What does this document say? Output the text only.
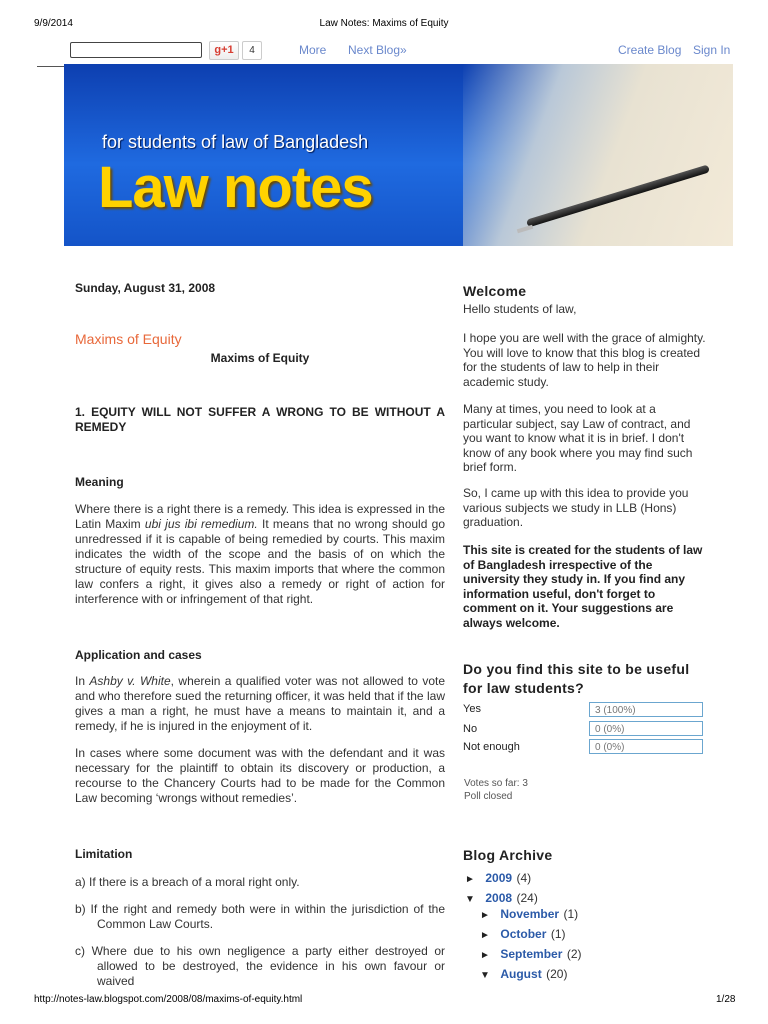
9/9/2014	Law Notes: Maxims of Equity
g+1	4	More Next Blog»	Create Blog Sign In
for students of law of Bangladesh
Law notes
Sunday, August 31, 2008
Maxims of Equity
Maxims of Equity
1. EQUITY WILL NOT SUFFER A WRONG TO BE WITHOUT A REMEDY
Meaning
Where there is a right there is a remedy. This idea is expressed in the Latin Maxim ubi jus ibi remedium. It means that no wrong should go unredressed if it is capable of being remedied by courts. This maxim indicates the width of the scope and the basis of on which the structure of equity rests. This maxim imports that where the common law confers a right, it gives also a remedy or right of action for interference with or infringement of that right.
Application and cases
In Ashby v. White, wherein a qualified voter was not allowed to vote and who therefore sued the returning officer, it was held that if the law gives a man a right, he must have a means to maintain it, and a remedy, if he is injured in the enjoyment of it.
In cases where some document was with the defendant and it was necessary for the plaintiff to obtain its discovery or production, a recourse to the Chancery Courts had to be made for the Common Law becoming ‘wrongs without remedies’.
Limitation
a) If there is a breach of a moral right only.
b) If the right and remedy both were in within the jurisdiction of the Common Law Courts.
c) Where due to his own negligence a party either destroyed or allowed to be destroyed, the evidence in his own favour or waived
Welcome
Hello students of law,
I hope you are well with the grace of almighty. You will love to know that this blog is created for the students of law to help in their academic study.
Many at times, you need to look at a particular subject, say Law of contract, and you want to know what it is in brief. I don't know of any book where you may find such brief form.
So, I came up with this idea to provide you various subjects we study in LLB (Hons) graduation.
This site is created for the students of law of Bangladesh irrespective of the university they study in. If you find any information useful, don't forget to comment on it. Your suggestions are always welcome.
Do you find this site to be useful for law students?
Yes	3 (100%)
No	0 (0%)
Not enough	0 (0%)
Votes so far: 3
Poll closed
Blog Archive
► 2009 (4)
▼ 2008 (24)
► November (1)
► October (1)
► September (2)
▼ August (20)
http://notes-law.blogspot.com/2008/08/maxims-of-equity.html	1/28
